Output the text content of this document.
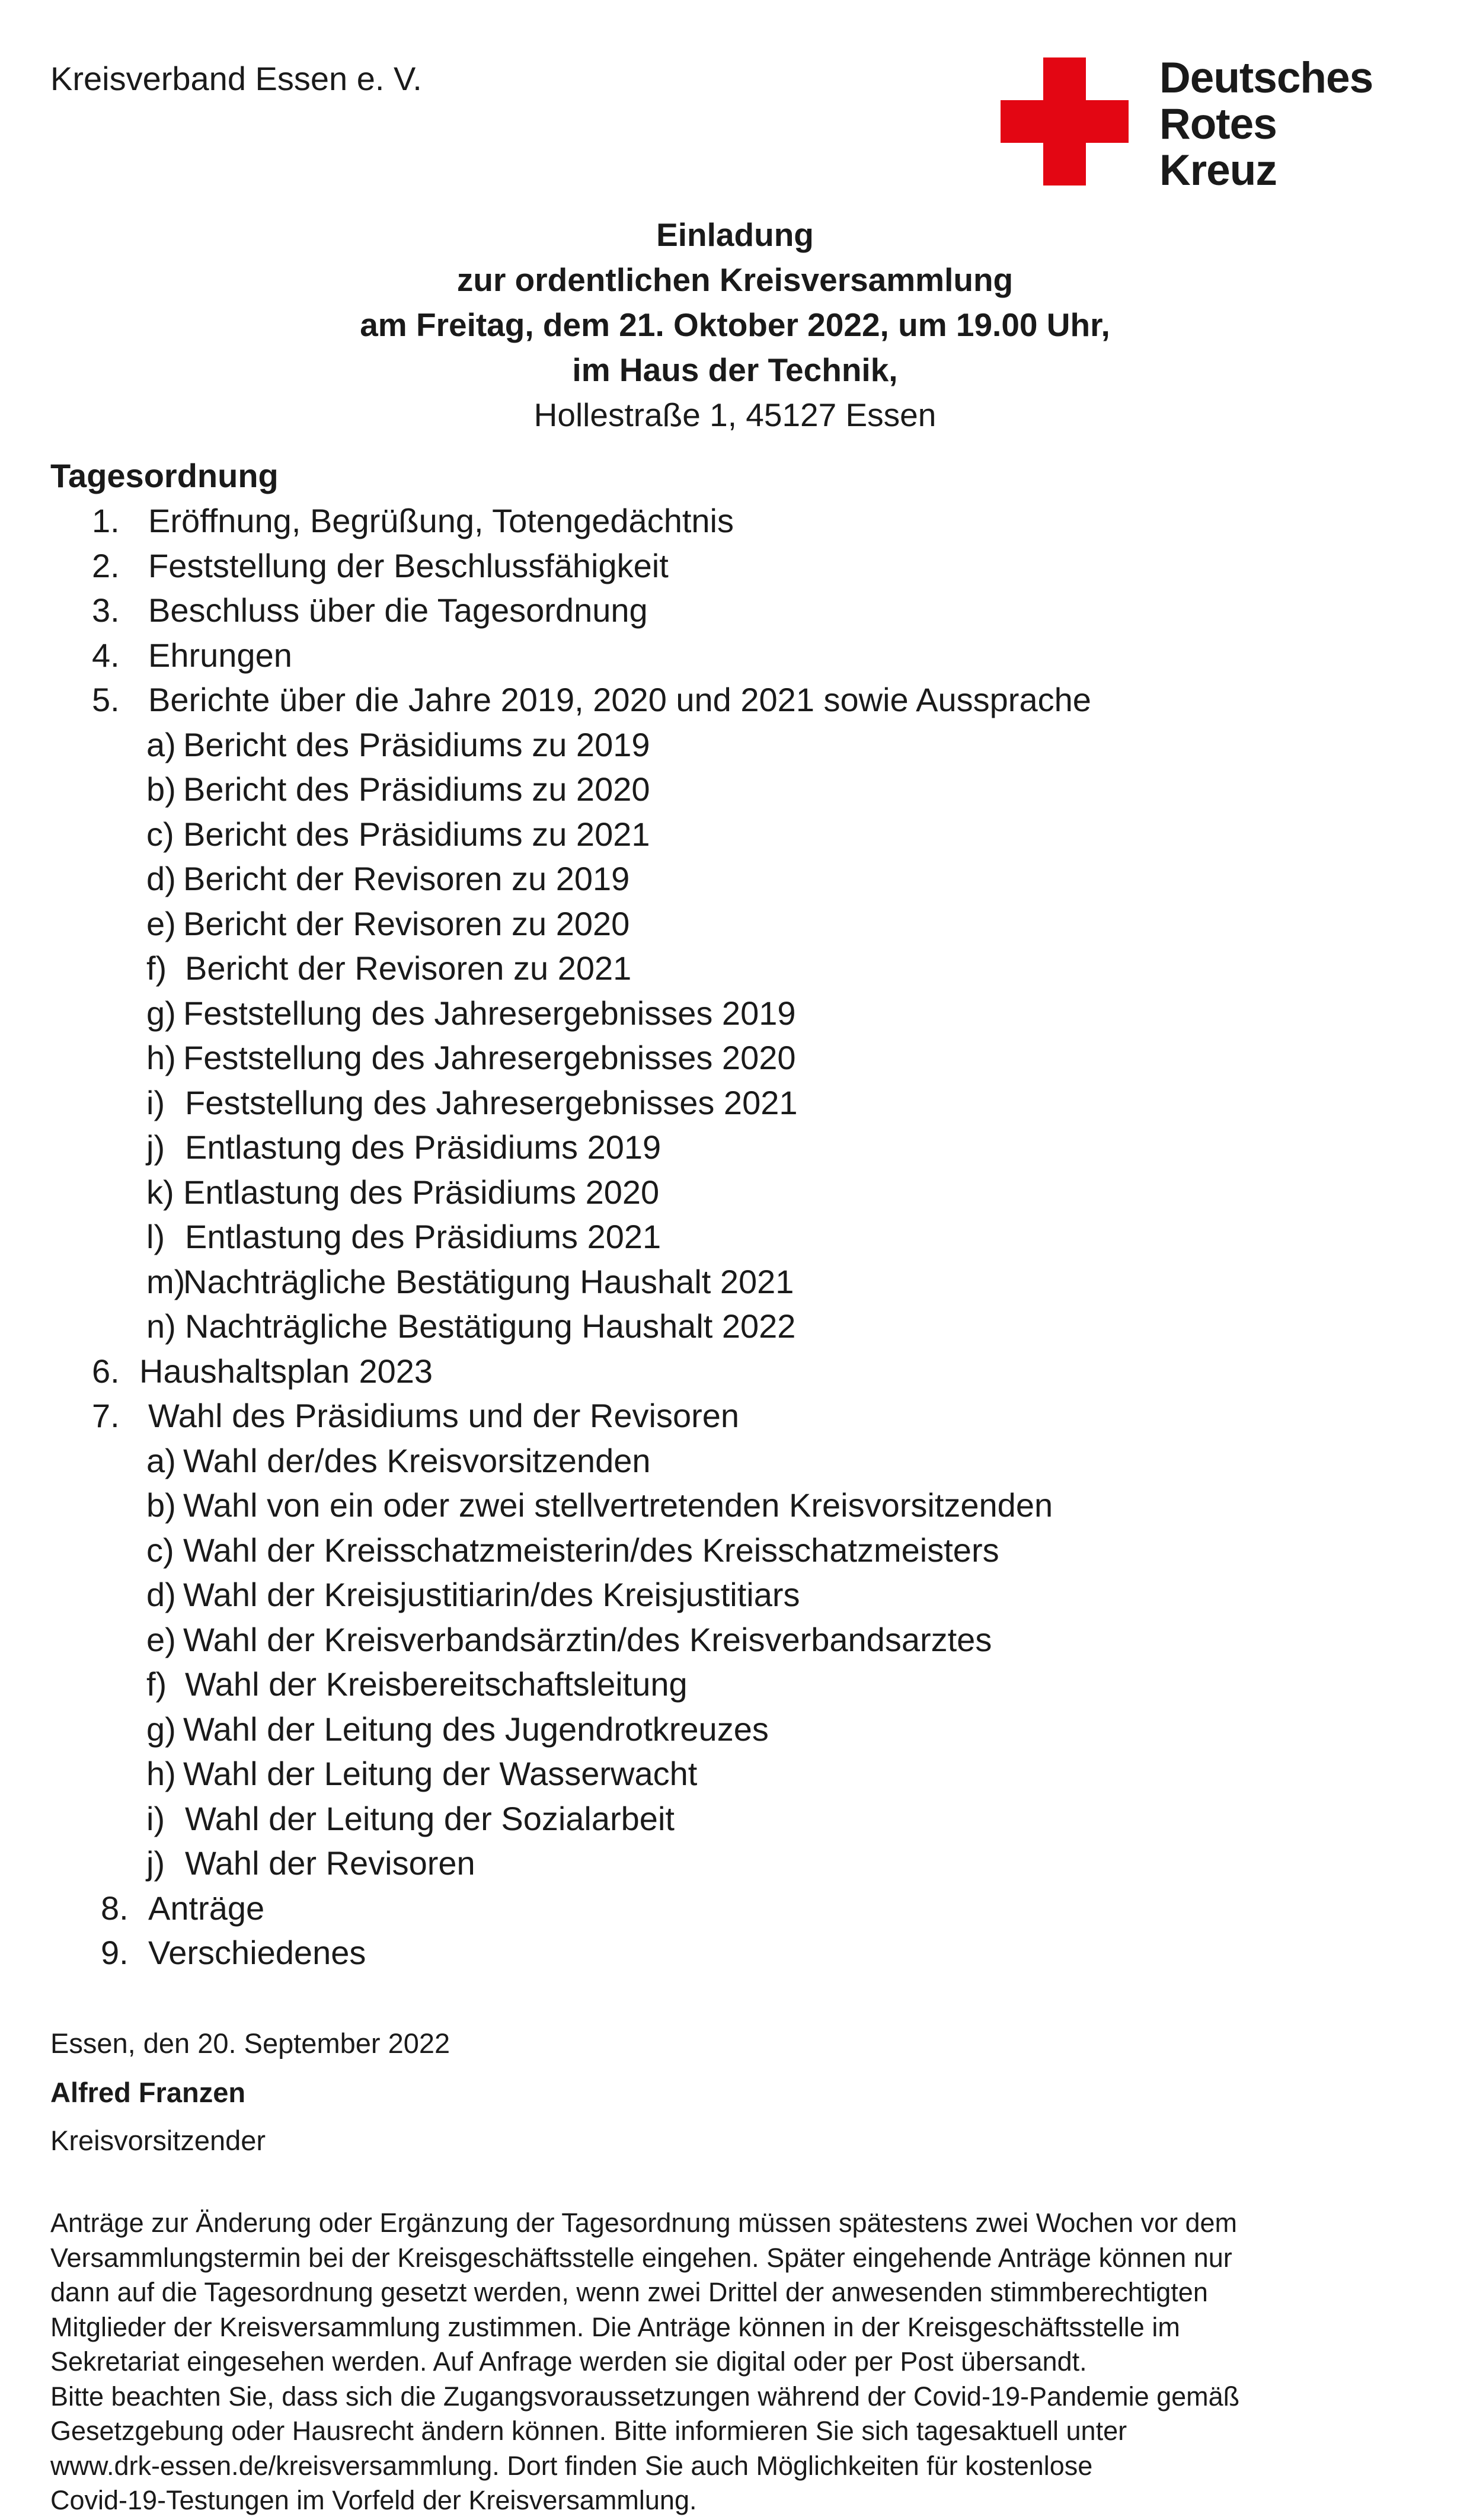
Kreisverband Essen e. V.	Deutsches
Rotes
Kreuz
Einladung
zur ordentlichen Kreisversammlung
am Freitag, dem 21. Oktober 2022, um 19.00 Uhr,
im Haus der Technik,
Hollestraße 1, 45127 Essen
Tagesordnung
1. Eröffnung, Begrüßung, Totengedächtnis
2. Feststellung der Beschlussfähigkeit
3. Beschluss über die Tagesordnung
4. Ehrungen
5. Berichte über die Jahre 2019, 2020 und 2021 sowie Aussprache
a) Bericht des Präsidiums zu 2019
b) Bericht des Präsidiums zu 2020
c) Bericht des Präsidiums zu 2021
d) Bericht der Revisoren zu 2019
e) Bericht der Revisoren zu 2020
f) Bericht der Revisoren zu 2021
g) Feststellung des Jahresergebnisses 2019
h) Feststellung des Jahresergebnisses 2020
i) Feststellung des Jahresergebnisses 2021
j) Entlastung des Präsidiums 2019
k) Entlastung des Präsidiums 2020
l) Entlastung des Präsidiums 2021
m)
Nachträgliche Bestätigung Haushalt 2021
n) Nachträgliche Bestätigung Haushalt 2022
6. Haushaltsplan 2023
7. Wahl des Präsidiums und der Revisoren
a) Wahl der/des Kreisvorsitzenden
b) Wahl von ein oder zwei stellvertretenden Kreisvorsitzenden
c) Wahl der Kreisschatzmeisterin/des Kreisschatzmeisters
d) Wahl der Kreisjustitiarin/des Kreisjustitiars
e) Wahl der Kreisverbandsärztin/des Kreisverbandsarztes
f) Wahl der Kreisbereitschaftsleitung
g) Wahl der Leitung des Jugendrotkreuzes
h) Wahl der Leitung der Wasserwacht
i) Wahl der Leitung der Sozialarbeit
j) Wahl der Revisoren
8. Anträge
9. Verschiedenes
Essen, den 20. September 2022
Alfred Franzen
Kreisvorsitzender
Anträge zur Änderung oder Ergänzung der Tagesordnung müssen spätestens zwei Wochen vor dem
Versammlungstermin bei der Kreisgeschäftsstelle eingehen. Später eingehende Anträge können nur
dann auf die Tagesordnung gesetzt werden, wenn zwei Drittel der anwesenden stimmberechtigten
Mitglieder der Kreisversammlung zustimmen. Die Anträge können in der Kreisgeschäftsstelle im
Sekretariat eingesehen werden. Auf Anfrage werden sie digital oder per Post übersandt.
Bitte beachten Sie, dass sich die Zugangsvoraussetzungen während der Covid-19-Pandemie gemäß
Gesetzgebung oder Hausrecht ändern können. Bitte informieren Sie sich tagesaktuell unter
www.drk-essen.de/kreisversammlung. Dort finden Sie auch Möglichkeiten für kostenlose
Covid-19-Testungen im Vorfeld der Kreisversammlung.
